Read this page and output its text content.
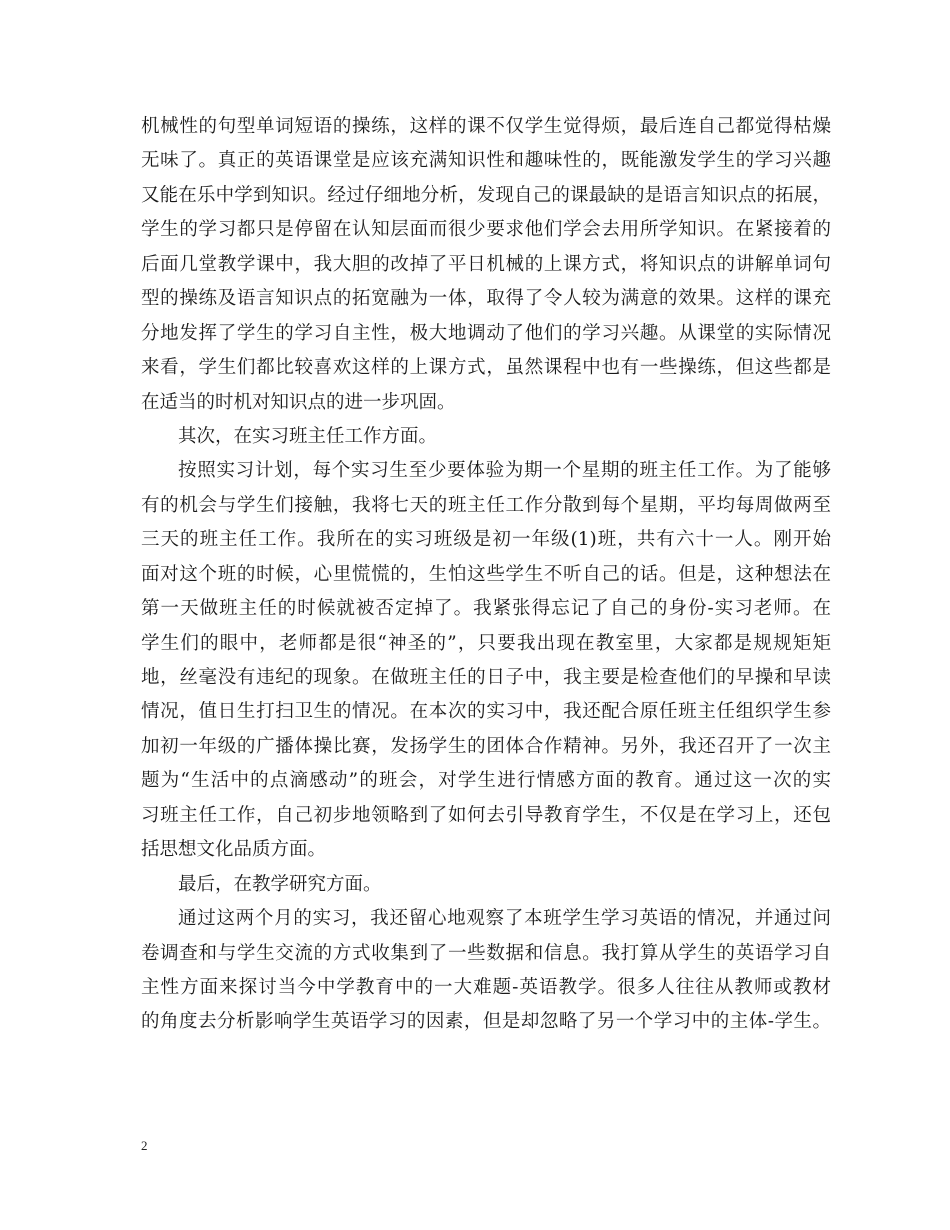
机械性的句型单词短语的操练，这样的课不仅学生觉得烦，最后连自己都觉得枯燥
无味了。真正的英语课堂是应该充满知识性和趣味性的，既能激发学生的学习兴趣
又能在乐中学到知识。经过仔细地分析，发现自己的课最缺的是语言知识点的拓展，
学生的学习都只是停留在认知层面而很少要求他们学会去用所学知识。在紧接着的
后面几堂教学课中，我大胆的改掉了平日机械的上课方式，将知识点的讲解单词句
型的操练及语言知识点的拓宽融为一体，取得了令人较为满意的效果。这样的课充
分地发挥了学生的学习自主性，极大地调动了他们的学习兴趣。从课堂的实际情况
来看，学生们都比较喜欢这样的上课方式，虽然课程中也有一些操练，但这些都是
在适当的时机对知识点的进一步巩固。
其次，在实习班主任工作方面。
按照实习计划，每个实习生至少要体验为期一个星期的班主任工作。为了能够
有的机会与学生们接触，我将七天的班主任工作分散到每个星期，平均每周做两至
三天的班主任工作。我所在的实习班级是初一年级(1)班，共有六十一人。刚开始
面对这个班的时候，心里慌慌的，生怕这些学生不听自己的话。但是，这种想法在
第一天做班主任的时候就被否定掉了。我紧张得忘记了自己的身份-实习老师。在
学生们的眼中，老师都是很“神圣的”，只要我出现在教室里，大家都是规规矩矩
地，丝毫没有违纪的现象。在做班主任的日子中，我主要是检查他们的早操和早读
情况，值日生打扫卫生的情况。在本次的实习中，我还配合原任班主任组织学生参
加初一年级的广播体操比赛，发扬学生的团体合作精神。另外，我还召开了一次主
题为“生活中的点滴感动”的班会，对学生进行情感方面的教育。通过这一次的实
习班主任工作，自己初步地领略到了如何去引导教育学生，不仅是在学习上，还包
括思想文化品质方面。
最后，在教学研究方面。
通过这两个月的实习，我还留心地观察了本班学生学习英语的情况，并通过问
卷调查和与学生交流的方式收集到了一些数据和信息。我打算从学生的英语学习自
主性方面来探讨当今中学教育中的一大难题-英语教学。很多人往往从教师或教材
的角度去分析影响学生英语学习的因素，但是却忽略了另一个学习中的主体-学生。
2
